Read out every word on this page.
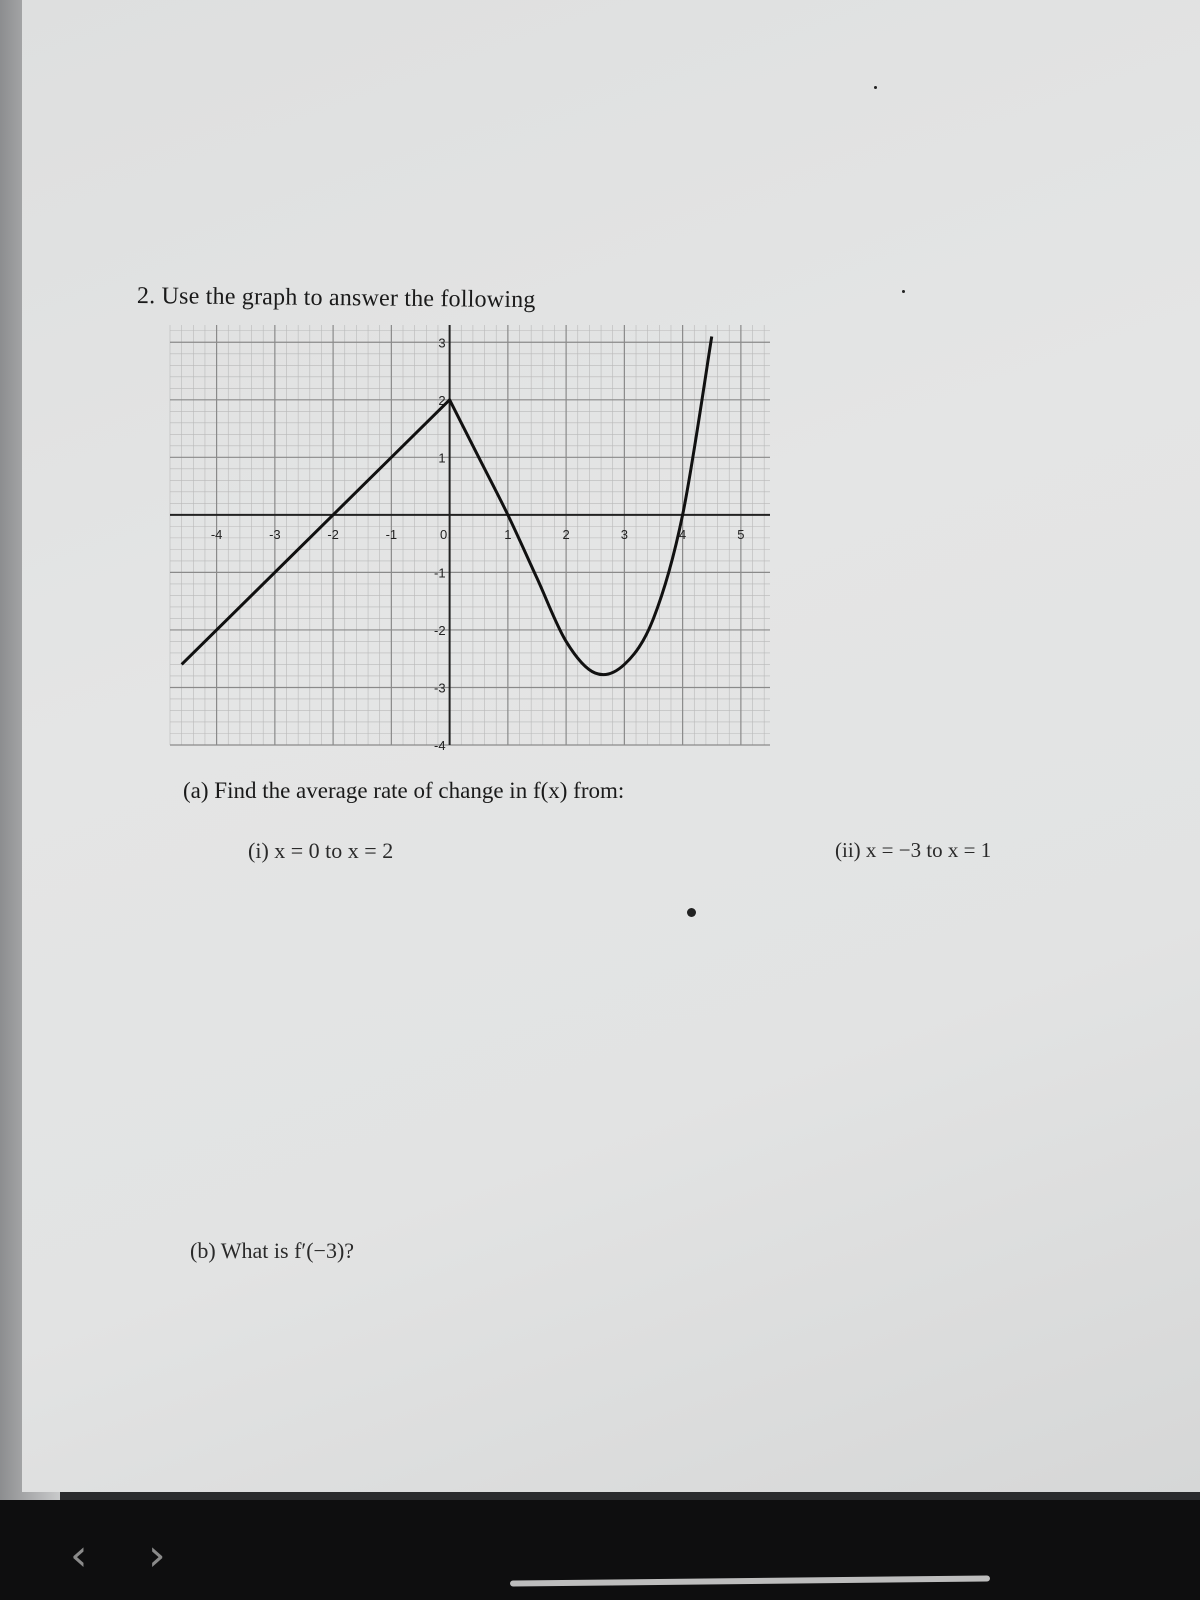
2. Use the graph to answer the following
-4	-3	-2	-1	0	1	2	3	4	5
3
2
1
-1
-2
-3
-4
(a) Find the average rate of change in f(x) from:
(i) x = 0 to x = 2	(ii) x = −3 to x = 1
(b) What is f′(−3)?
‹ ›
